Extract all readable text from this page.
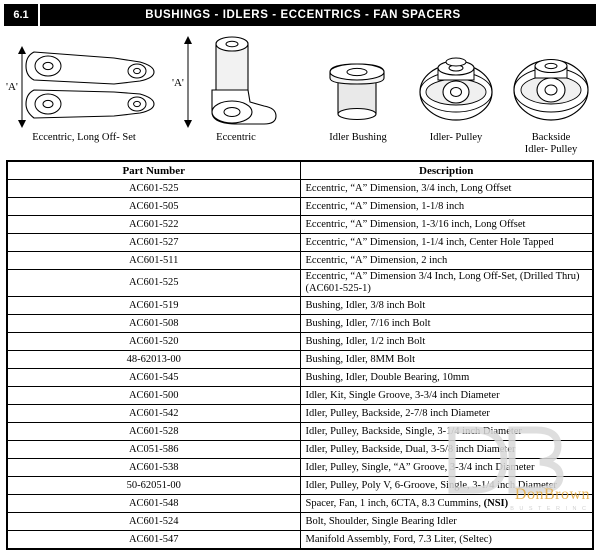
6.1	BUSHINGS - IDLERS - ECCENTRICS - FAN SPACERS
'A'
Eccentric, Long Off- Set
'A'
Eccentric	Idler Bushing	Idler- Pulley	Backside
Idler- Pulley
Part Number	Description
AC601-525	Eccentric, “A” Dimension, 3/4 inch, Long Offset
AC601-505	Eccentric, “A” Dimension, 1-1/8 inch
AC601-522	Eccentric, “A” Dimension, 1-3/16 inch, Long Offset
AC601-527	Eccentric, “A” Dimension, 1-1/4 inch, Center Hole Tapped
AC601-511	Eccentric, “A” Dimension, 2 inch
AC601-525	Eccentric, “A” Dimension 3/4 Inch, Long Off-Set, (Drilled Thru) (AC601-525-1)
AC601-519	Bushing, Idler, 3/8 inch Bolt
AC601-508	Bushing, Idler, 7/16 inch Bolt
AC601-520	Bushing, Idler, 1/2 inch Bolt
48-62013-00	Bushing, Idler, 8MM Bolt
AC601-545	Bushing, Idler, Double Bearing, 10mm
AC601-500	Idler, Kit, Single Groove, 3-3/4 inch Diameter
AC601-542	Idler, Pulley, Backside, 2-7/8 inch Diameter
AC601-528	Idler, Pulley, Backside, Single, 3-1/4 inch Diameter
AC051-586	Idler, Pulley, Backside, Dual, 3-5/8 inch Diameter
AC601-538	Idler, Pulley, Single, “A” Groove, 3-3/4 inch Diameter
50-62051-00	Idler, Pulley, Poly V, 6-Groove, Single, 3-1/4 inch Diameter
AC601-548	Spacer, Fan, 1 inch, 6CTA, 8.3 Cummins, (NSI)
AC601-524	Bolt, Shoulder, Single Bearing Idler
AC601-547	Manifold Assembly, Ford, 7.3 Liter, (Seltec)
DonBrown
B U S T E R I N C
